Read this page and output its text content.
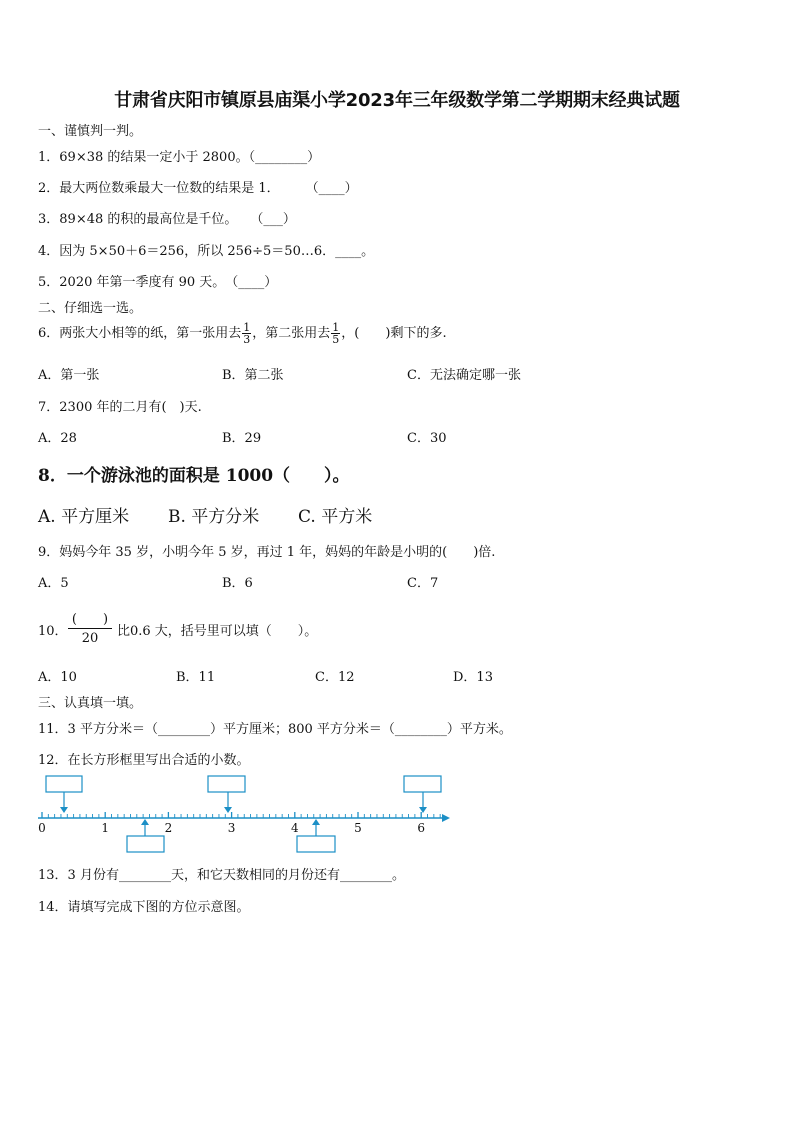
甘肃省庆阳市镇原县庙渠小学2023年三年级数学第二学期期末经典试题
一、谨慎判一判。
1．69×38 的结果一定小于 2800。（________）
2．最大两位数乘最大一位数的结果是 1．　　　（____）
3．89×48 的积的最高位是千位。　　（___）
4．因为 5×50＋6＝256，所以 256÷5＝50…6．____。
5．2020 年第一季度有 90 天。　（____）
二、仔细选一选。
6．两张大小相等的纸，第一张用去 $\frac{1}{3}$ ，第二张用去 $\frac{1}{5}$ ，(　　)剩下的多.
A．第一张	B．第二张	C．无法确定哪一张
7．2300 年的二月有(　)天.
A．28	B．29	C．30
8．一个游泳池的面积是 1000（　　）。
A. 平方厘米 B. 平方分米 C. 平方米
9．妈妈今年 35 岁，小明今年 5 岁，再过 1 年，妈妈的年龄是小明的(　　)倍.
A．5	B．6	C．7
10．
(　　)
20	比0.6 大，括号里可以填（　　）。
A．10	B．11	C．12	D．13
三、认真填一填。
11．3 平方分米＝（________）平方厘米；800 平方分米＝（________）平方米。
12．在长方形框里写出合适的小数。
0	1	2	3	4	5	6
13．3 月份有________天，和它天数相同的月份还有________。
14．请填写完成下图的方位示意图。
